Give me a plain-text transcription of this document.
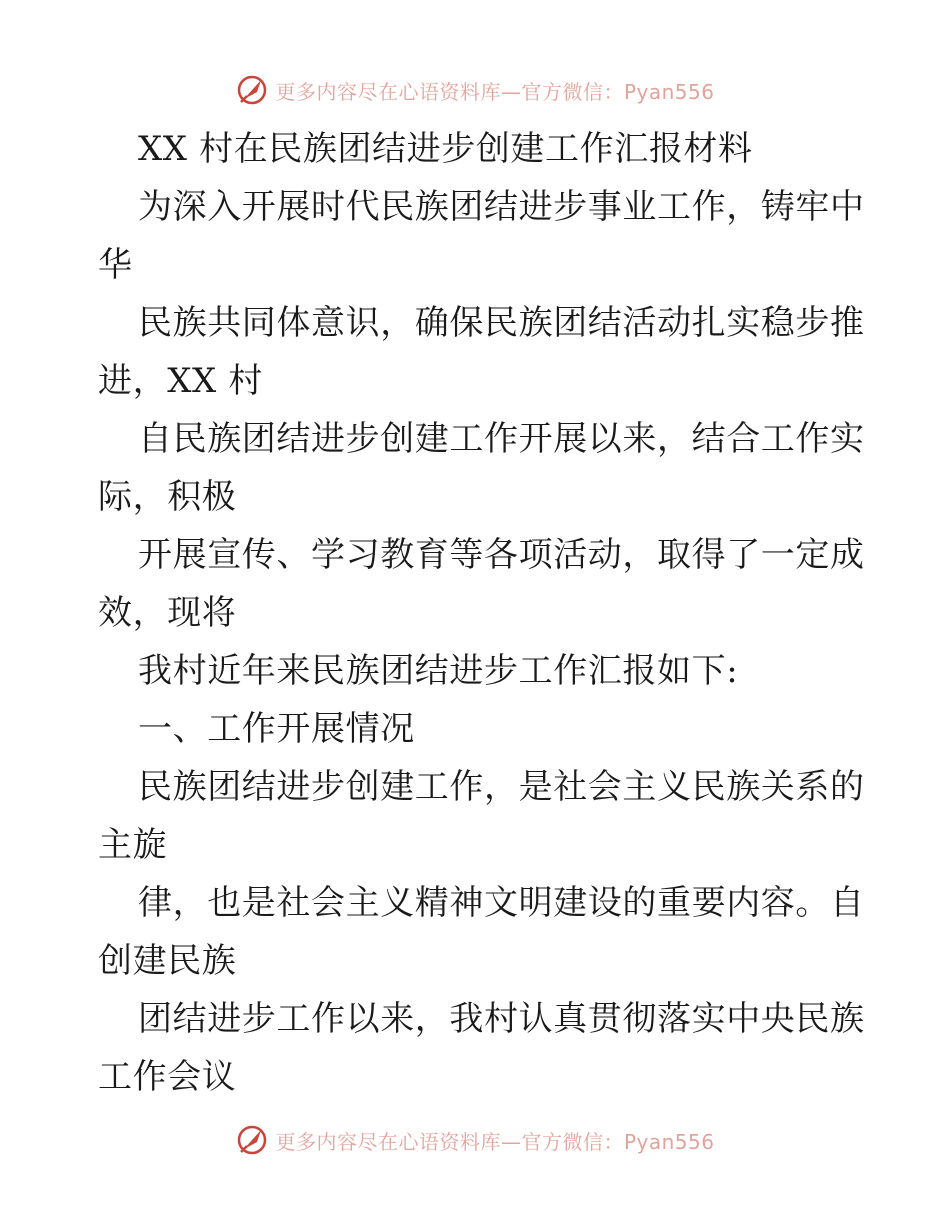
更多内容尽在心语资料库—官方微信：Pyan556
XX 村在民族团结进步创建工作汇报材料
为深入开展时代民族团结进步事业工作，铸牢中
华
民族共同体意识，确保民族团结活动扎实稳步推
进，XX 村
自民族团结进步创建工作开展以来，结合工作实
际，积极
开展宣传、学习教育等各项活动，取得了一定成
效，现将
我村近年来民族团结进步工作汇报如下:
一、工作开展情况
民族团结进步创建工作，是社会主义民族关系的
主旋
律，也是社会主义精神文明建设的重要内容。自
创建民族
团结进步工作以来，我村认真贯彻落实中央民族
工作会议
更多内容尽在心语资料库—官方微信：Pyan556
